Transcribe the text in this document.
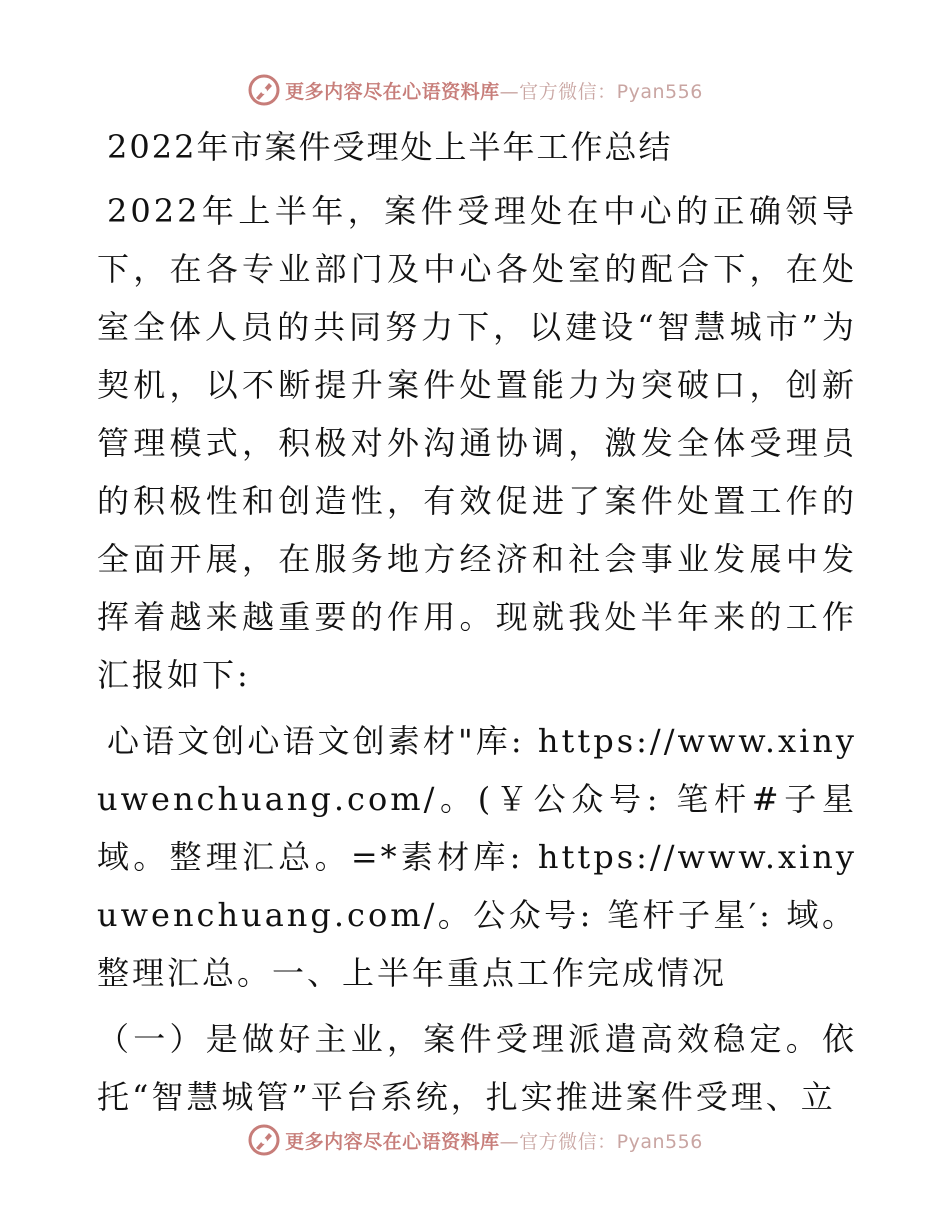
更多内容尽在心语资料库—官方微信：Pyan556
2022年市案件受理处上半年工作总结

2022年上半年，案件受理处在中心的正确领导下，在各专业部门及中心各处室的配合下，在处室全体人员的共同努力下，以建设“智慧城市”为契机，以不断提升案件处置能力为突破口，创新管理模式，积极对外沟通协调，激发全体受理员的积极性和创造性，有效促进了案件处置工作的全面开展，在服务地方经济和社会事业发展中发挥着越来越重要的作用。现就我处半年来的工作汇报如下:

心语文创心语文创素材"库: https://www.xinyuwenchuang.com/。(￥公众号: 笔杆#子星域。整理汇总。=*素材库: https://www.xinyuwenchuang.com/。公众号: 笔杆子星′: 域。整理汇总。一、上半年重点工作完成情况

（一）是做好主业，案件受理派遣高效稳定。依托“智慧城管”平台系统，扎实推进案件受理、立

更多内容尽在心语资料库—官方微信：Pyan556
